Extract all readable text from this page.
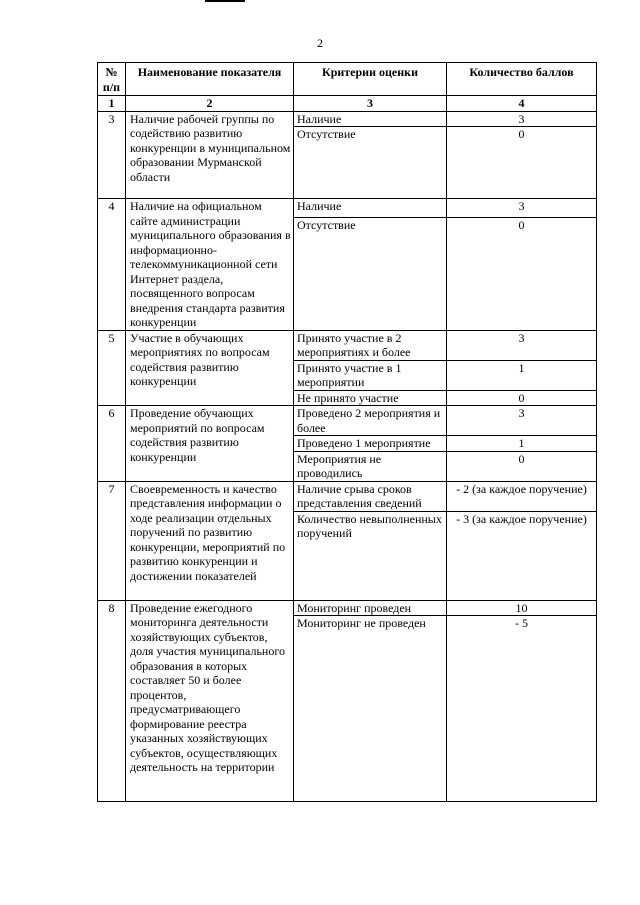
2
№ п/п	Наименование показателя	Критерии оценки	Количество баллов
1	2	3	4
3	Наличие рабочей группы по содействию развитию конкуренции в муниципальном образовании Мурманской области	Наличие	3
		Отсутствие	0
4	Наличие на официальном сайте администрации муниципального образования в информационно-телекоммуникационной сети Интернет раздела, посвященного вопросам внедрения стандарта развития конкуренции	Наличие	3
		Отсутствие	0
5	Участие в обучающих мероприятиях по вопросам содействия развитию конкуренции	Принято участие в 2 мероприятиях и более	3
		Принято участие в 1 мероприятии	1
		Не принято участие	0
6	Проведение обучающих мероприятий по вопросам содействия развитию конкуренции	Проведено 2 мероприятия и более	3
		Проведено 1 мероприятие	1
		Мероприятия не проводились	0
7	Своевременность и качество представления информации о ходе реализации отдельных поручений по развитию конкуренции, мероприятий по развитию конкуренции и достижении показателей	Наличие срыва сроков представления сведений	- 2 (за каждое поручение)
		Количество невыполненных поручений	- 3 (за каждое поручение)
8	Проведение ежегодного мониторинга деятельности хозяйствующих субъектов, доля участия муниципального образования в которых составляет 50 и более процентов, предусматривающего формирование реестра указанных хозяйствующих субъектов, осуществляющих деятельность на территории	Мониторинг проведен	10
		Мониторинг не проведен	- 5
